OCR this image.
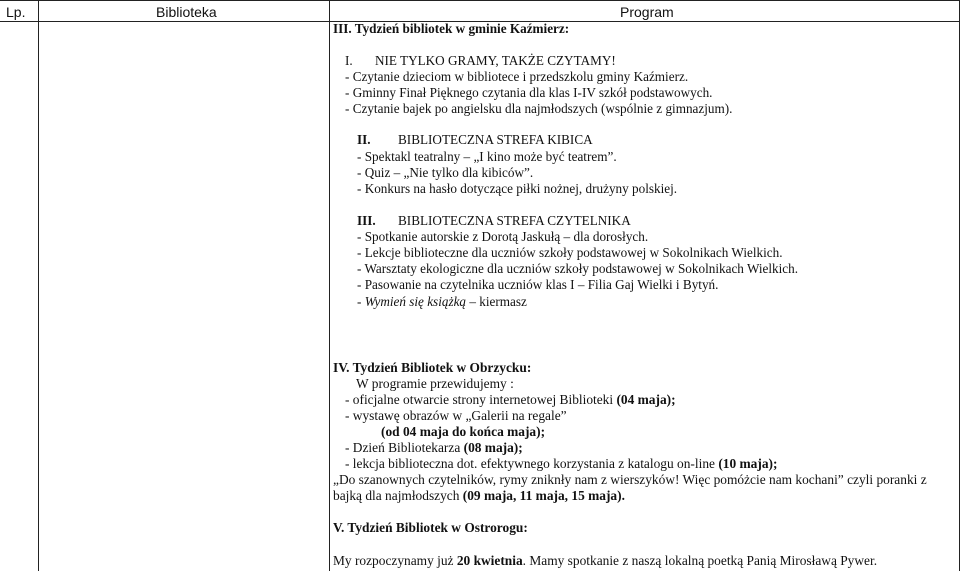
Lp.	Biblioteka	Program
III. Tydzień bibliotek w gminie Kaźmierz:
I. NIE TYLKO GRAMY, TAKŻE CZYTAMY!
- Czytanie dzieciom w bibliotece i przedszkolu gminy Kaźmierz.
- Gminny Finał Pięknego czytania dla klas I-IV szkół podstawowych.
- Czytanie bajek po angielsku dla najmłodszych (wspólnie z gimnazjum).
II. BIBLIOTECZNA STREFA KIBICA
- Spektakl teatralny – „I kino może być teatrem”.
- Quiz – „Nie tylko dla kibiców”.
- Konkurs na hasło dotyczące piłki nożnej, drużyny polskiej.
III. BIBLIOTECZNA STREFA CZYTELNIKA
- Spotkanie autorskie z Dorotą Jaskułą – dla dorosłych.
- Lekcje biblioteczne dla uczniów szkoły podstawowej w Sokolnikach Wielkich.
- Warsztaty ekologiczne dla uczniów szkoły podstawowej w Sokolnikach Wielkich.
- Pasowanie na czytelnika uczniów klas I – Filia Gaj Wielki i Bytyń.
- Wymień się książką – kiermasz
IV. Tydzień Bibliotek w Obrzycku:
W programie przewidujemy :
- oficjalne otwarcie strony internetowej Biblioteki (04 maja);
- wystawę obrazów w „Galerii na regale”
(od 04 maja do końca maja);
- Dzień Bibliotekarza (08 maja);
- lekcja biblioteczna dot. efektywnego korzystania z katalogu on-line (10 maja);
„Do szanownych czytelników, rymy zniknły nam z wierszyków! Więc pomóżcie nam kochani” czyli poranki z
bajką dla najmłodszych (09 maja, 11 maja, 15 maja).
V. Tydzień Bibliotek w Ostrorogu:
My rozpoczynamy już 20 kwietnia. Mamy spotkanie z naszą lokalną poetką Panią Mirosławą Pywer.
